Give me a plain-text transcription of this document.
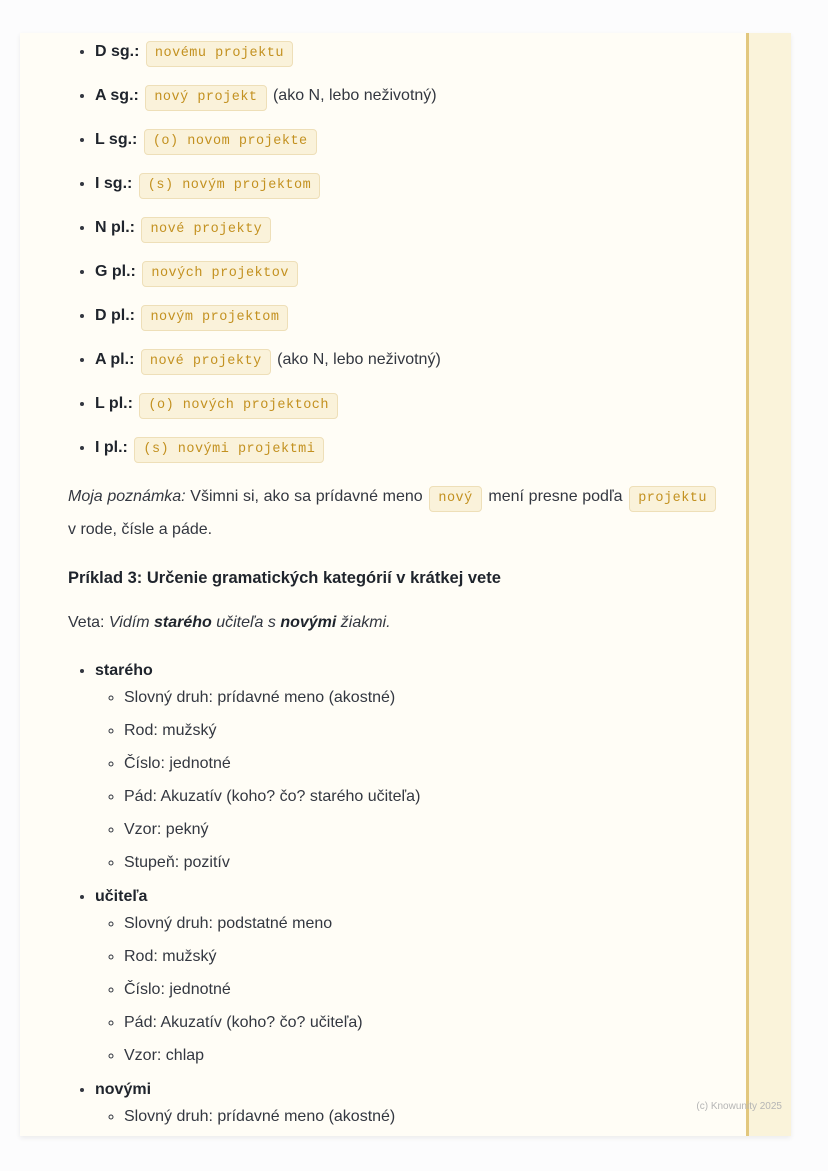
• D sg.: novému projektu
• A sg.: nový projekt (ako N, lebo neživotný)
• L sg.: (o) novom projekte
• I sg.: (s) novým projektom
• N pl.: nové projekty
• G pl.: nových projektov
• D pl.: novým projektom
• A pl.: nové projekty (ako N, lebo neživotný)
• L pl.: (o) nových projektoch
• I pl.: (s) novými projektmi

Moja poznámka: Všimni si, ako sa prídavné meno nový mení presne podľa projektu v rode, čísle a páde.

Príklad 3: Určenie gramatických kategórií v krátkej vete

Veta: Vidím starého učiteľa s novými žiakmi.

• starého
◦ Slovný druh: prídavné meno (akostné)
◦ Rod: mužský
◦ Číslo: jednotné
◦ Pád: Akuzatív (koho? čo? starého učiteľa)
◦ Vzor: pekný
◦ Stupeň: pozitív
• učiteľa
◦ Slovný druh: podstatné meno
◦ Rod: mužský
◦ Číslo: jednotné
◦ Pád: Akuzatív (koho? čo? učiteľa)
◦ Vzor: chlap
• novými
◦ Slovný druh: prídavné meno (akostné)
(c) Knowunity 2025
